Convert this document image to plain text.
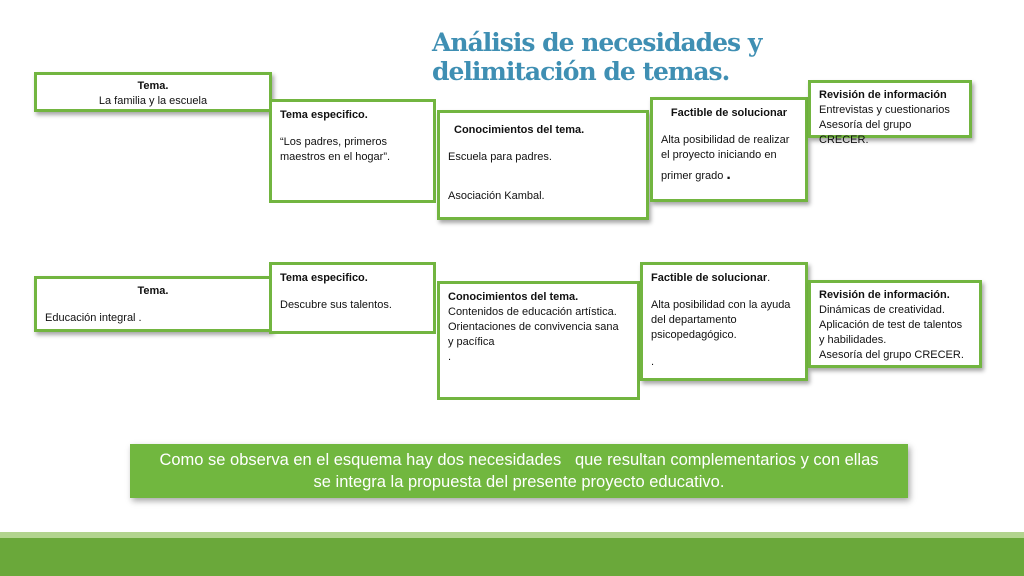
Análisis de necesidades y
delimitación de temas.
Tema.
La familia y la escuela
Tema especifico.
“Los padres, primeros
maestros en el hogar”.
Conocimientos del tema.
Escuela para padres.
Asociación Kambal.
Factible de solucionar
Alta posibilidad de realizar
el proyecto iniciando en
primer grado .
Revisión de información
Entrevistas y cuestionarios
Asesoría del grupo CRECER.
Tema.
Educación integral .
Tema especifico.
Descubre sus talentos.
Conocimientos del tema.
Contenidos de educación artística.
Orientaciones de convivencia sana
y pacífica
.
Factible de solucionar.
Alta posibilidad con la ayuda
del departamento
psicopedagógico.
.
Revisión de información.
Dinámicas de creatividad.
Aplicación de test de talentos
y habilidades.
Asesoría del grupo CRECER.
Como se observa en el esquema hay dos necesidades   que resultan complementarios y con ellas
se integra la propuesta del presente proyecto educativo.
